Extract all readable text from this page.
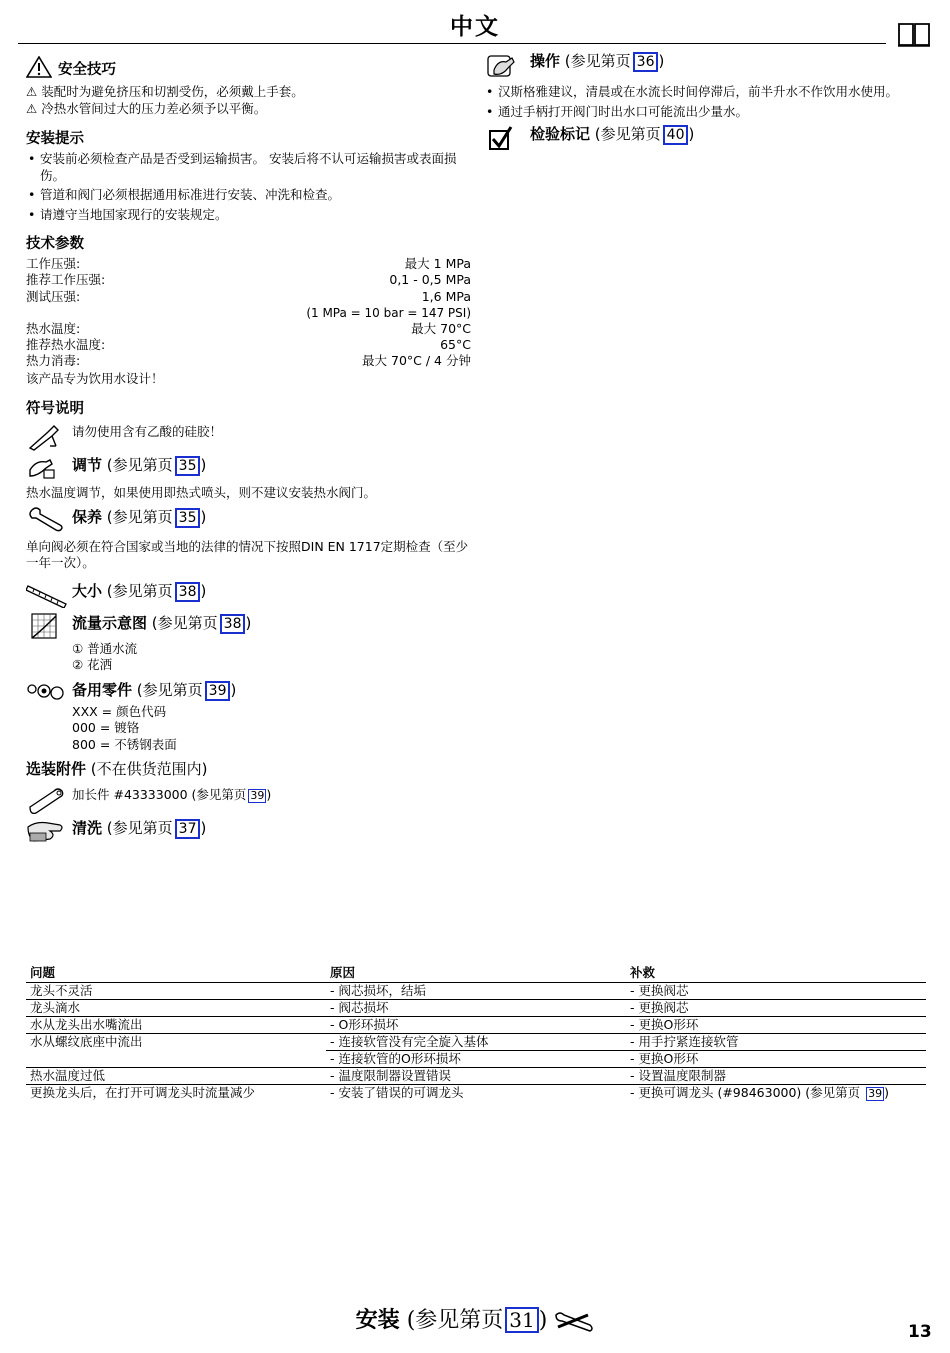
中文
安全技巧
⚠ 装配时为避免挤压和切割受伤，必须戴上手套。
⚠ 冷热水管间过大的压力差必须予以平衡。
安装提示
• 安装前必须检查产品是否受到运输损害。 安装后将不认可运输损害或表面损伤。
• 管道和阀门必须根据通用标准进行安装、冲洗和检查。
• 请遵守当地国家现行的安装规定。
技术参数
工作压强:	最大 1 MPa
推荐工作压强:	0,1 - 0,5 MPa
测试压强:	1,6 MPa
(1 MPa = 10 bar = 147 PSI)
热水温度:	最大 70°C
推荐热水温度:	65°C
热力消毒:	最大 70°C / 4 分钟
该产品专为饮用水设计！
符号说明
请勿使用含有乙酸的硅胶！
调节 (参见第页 35 )
热水温度调节，如果使用即热式喷头，则不建议安装热水阀门。
保养 (参见第页 35 )
单向阀必须在符合国家或当地的法律的情况下按照DIN EN 1717定期检查（至少一年一次）。
大小 (参见第页 38 )
流量示意图 (参见第页 38 )
① 普通水流
② 花洒
备用零件 (参见第页 39 )
XXX = 颜色代码
000 = 镀铬
800 = 不锈钢表面
选装附件 (不在供货范围内)
加长件 #43333000 (参见第页 39 )
清洗 (参见第页 37 )
操作 (参见第页 36 )
• 汉斯格雅建议，清晨或在水流长时间停滞后，前半升水不作饮用水使用。
• 通过手柄打开阀门时出水口可能流出少量水。
检验标记 (参见第页 40 )
问题	原因	补救
龙头不灵活	- 阀芯损坏，结垢	- 更换阀芯
龙头滴水	- 阀芯损坏	- 更换阀芯
水从龙头出水嘴流出	- O形环损坏	- 更换O形环
水从螺纹底座中流出	- 连接软管没有完全旋入基体	- 用手拧紧连接软管
	- 连接软管的O形环损坏	- 更换O形环
热水温度过低	- 温度限制器设置错误	- 设置温度限制器
更换龙头后，在打开可调龙头时流量减少	- 安装了错误的可调龙头	- 更换可调龙头 (#98463000) (参见第页 39 )
安装 (参见第页 31 )	13
